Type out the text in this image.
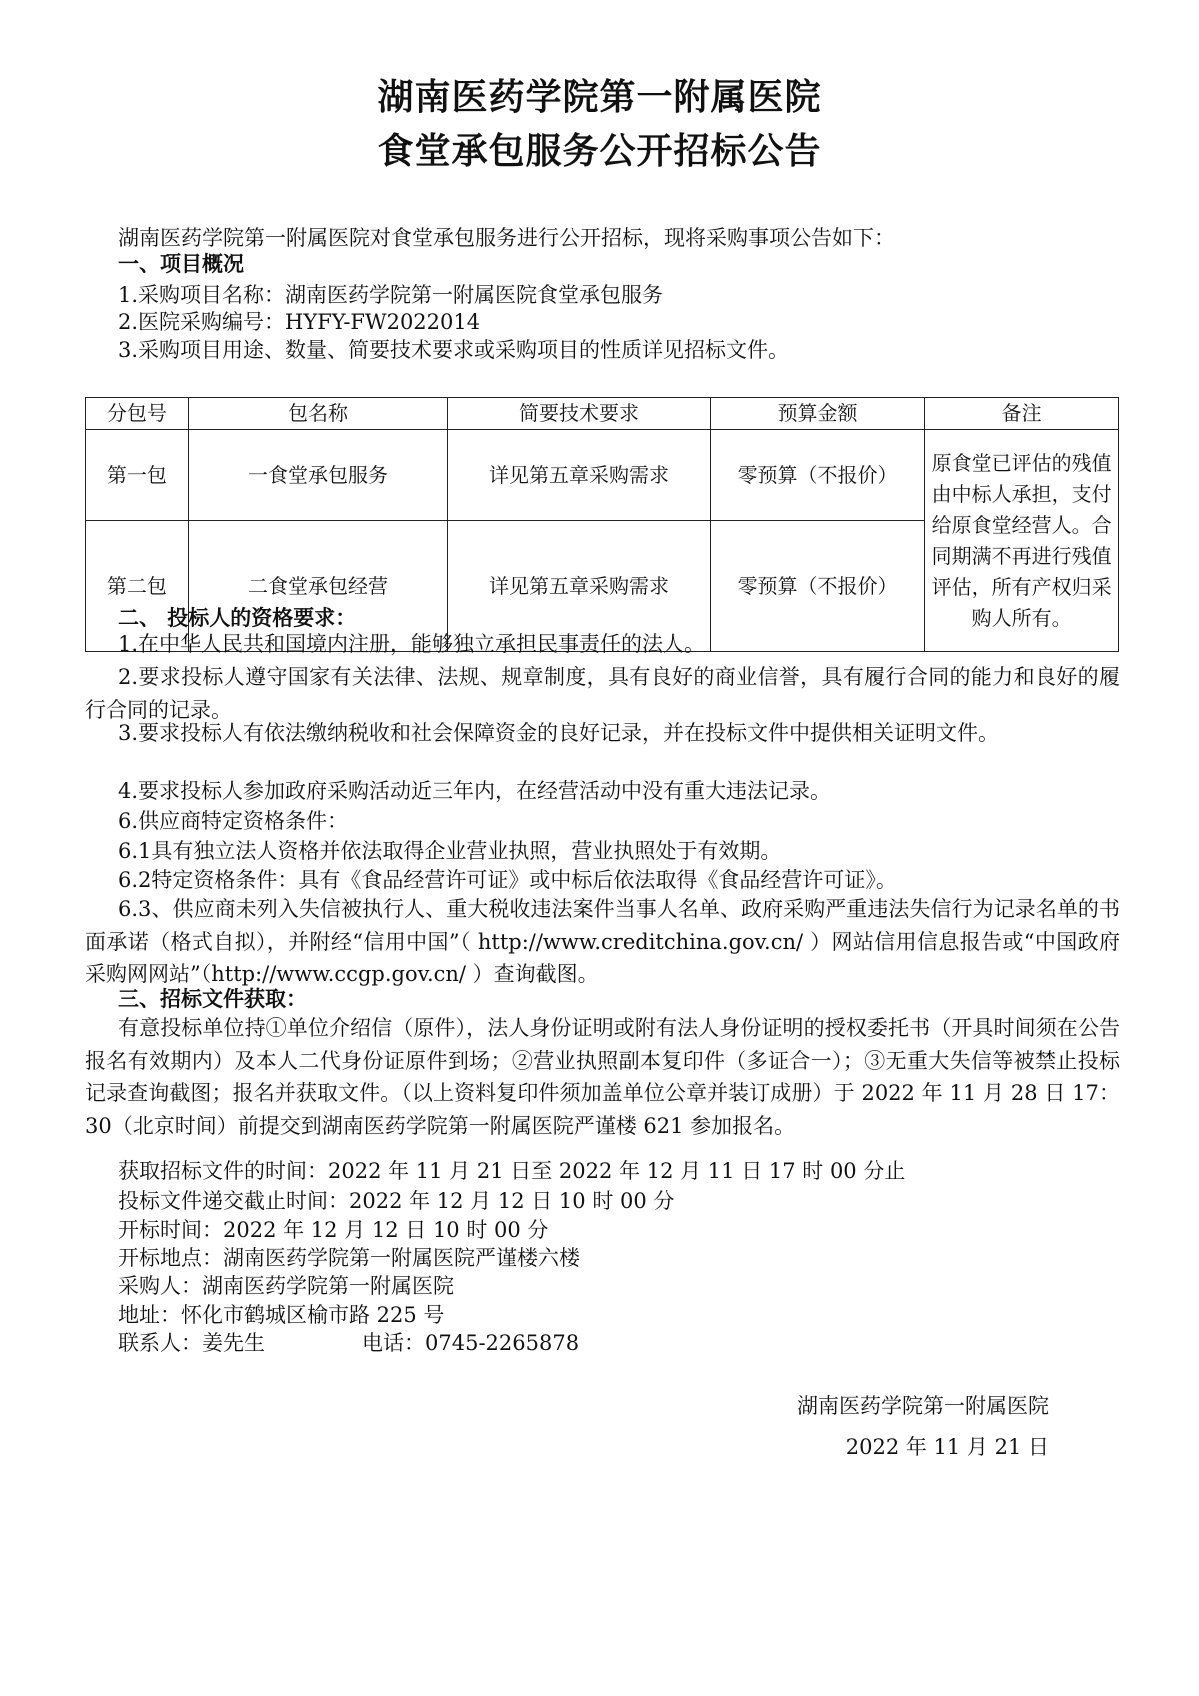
湖南医药学院第一附属医院
食堂承包服务公开招标公告
湖南医药学院第一附属医院对食堂承包服务进行公开招标，现将采购事项公告如下：
一、项目概况
1.采购项目名称：湖南医药学院第一附属医院食堂承包服务
2.医院采购编号：HYFY-FW2022014
3.采购项目用途、数量、简要技术要求或采购项目的性质详见招标文件。
分包号	包名称	简要技术要求	预算金额	备注
第一包	一食堂承包服务	详见第五章采购需求	零预算（不报价）	原食堂已评估的残值由中标人承担，支付给原食堂经营人。合同期满不再进行残值评估，所有产权归采购人所有。
第二包	二食堂承包经营	详见第五章采购需求	零预算（不报价）	
二、 投标人的资格要求：
1.在中华人民共和国境内注册，能够独立承担民事责任的法人。
2.要求投标人遵守国家有关法律、法规、规章制度，具有良好的商业信誉，具有履行合同的能力和良好的履行合同的记录。
3.要求投标人有依法缴纳税收和社会保障资金的良好记录，并在投标文件中提供相关证明文件。
4.要求投标人参加政府采购活动近三年内，在经营活动中没有重大违法记录。
6.供应商特定资格条件：
6.1具有独立法人资格并依法取得企业营业执照，营业执照处于有效期。
6.2特定资格条件：具有《食品经营许可证》或中标后依法取得《食品经营许可证》。
6.3、供应商未列入失信被执行人、重大税收违法案件当事人名单、政府采购严重违法失信行为记录名单的书面承诺（格式自拟），并附经“信用中国”（ http://www.creditchina.gov.cn/ ）网站信用信息报告或“中国政府采购网网站”（http://www.ccgp.gov.cn/ ）查询截图。
三、招标文件获取：
有意投标单位持①单位介绍信（原件），法人身份证明或附有法人身份证明的授权委托书（开具时间须在公告报名有效期内）及本人二代身份证原件到场；②营业执照副本复印件（多证合一）；③无重大失信等被禁止投标记录查询截图；报名并获取文件。（以上资料复印件须加盖单位公章并装订成册）于 2022 年 11 月 28 日 17：30（北京时间）前提交到湖南医药学院第一附属医院严谨楼 621 参加报名。
获取招标文件的时间：2022 年 11 月 21 日至 2022 年 12 月 11 日 17 时 00 分止
投标文件递交截止时间：2022 年 12 月 12 日 10 时 00 分
开标时间：2022 年 12 月 12 日 10 时 00 分
开标地点：湖南医药学院第一附属医院严谨楼六楼
采购人：湖南医药学院第一附属医院
地址：怀化市鹤城区榆市路 225 号
联系人：姜先生	电话：0745-2265878
湖南医药学院第一附属医院
2022 年 11 月 21 日
